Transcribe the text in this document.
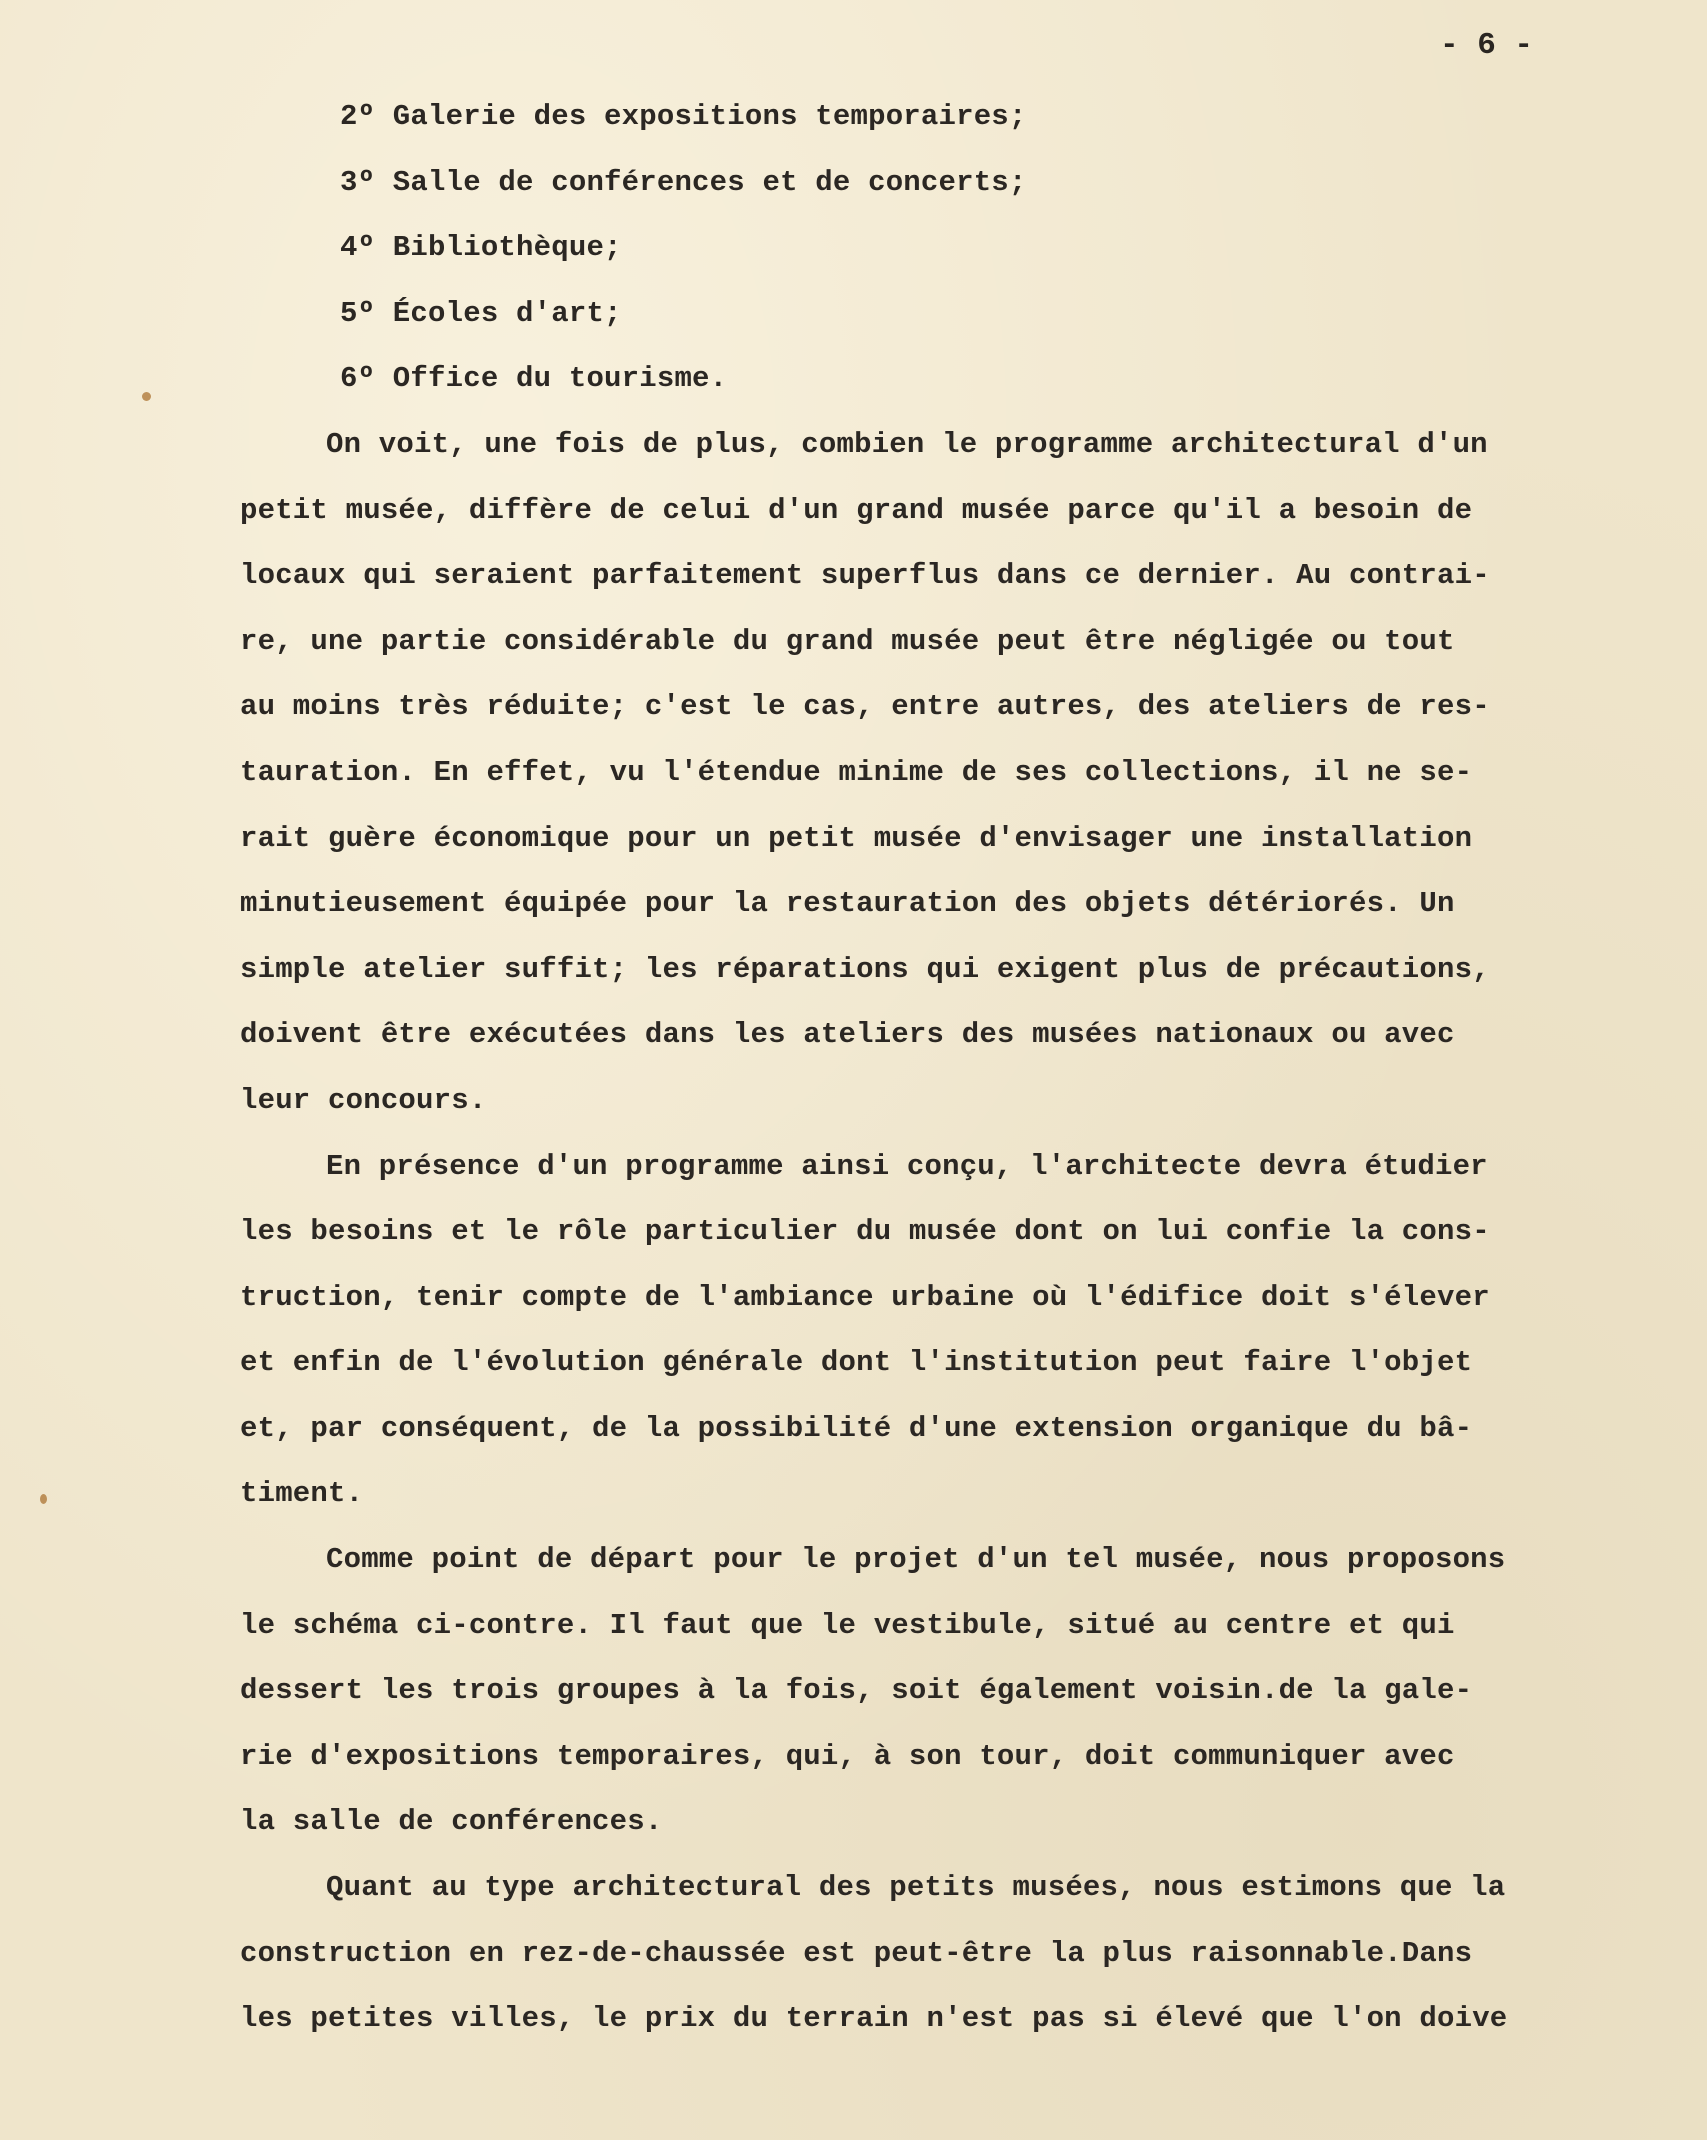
- 6 -

2º Galerie des expositions temporaires;

3º Salle de conférences et de concerts;

4º Bibliothèque;

5º Écoles d'art;

6º Office du tourisme.

On voit, une fois de plus, combien le programme architectural d'un

petit musée, diffère de celui d'un grand musée parce qu'il a besoin de

locaux qui seraient parfaitement superflus dans ce dernier. Au contrai-

re, une partie considérable du grand musée peut être négligée ou tout

au moins très réduite; c'est le cas, entre autres, des ateliers de res-

tauration. En effet, vu l'étendue minime de ses collections, il ne se-

rait guère économique pour un petit musée d'envisager une installation

minutieusement équipée pour la restauration des objets détériorés. Un

simple atelier suffit; les réparations qui exigent plus de précautions,

doivent être exécutées dans les ateliers des musées nationaux ou avec

leur concours.

En présence d'un programme ainsi conçu, l'architecte devra étudier

les besoins et le rôle particulier du musée dont on lui confie la cons-

truction, tenir compte de l'ambiance urbaine où l'édifice doit s'élever

et enfin de l'évolution générale dont l'institution peut faire l'objet

et, par conséquent, de la possibilité d'une extension organique du bâ-

timent.

Comme point de départ pour le projet d'un tel musée, nous proposons

le schéma ci-contre. Il faut que le vestibule, situé au centre et qui

dessert les trois groupes à la fois, soit également voisin.de la gale-

rie d'expositions temporaires, qui, à son tour, doit communiquer avec

la salle de conférences.

Quant au type architectural des petits musées, nous estimons que la

construction en rez-de-chaussée est peut-être la plus raisonnable.Dans

les petites villes, le prix du terrain n'est pas si élevé que l'on doive
